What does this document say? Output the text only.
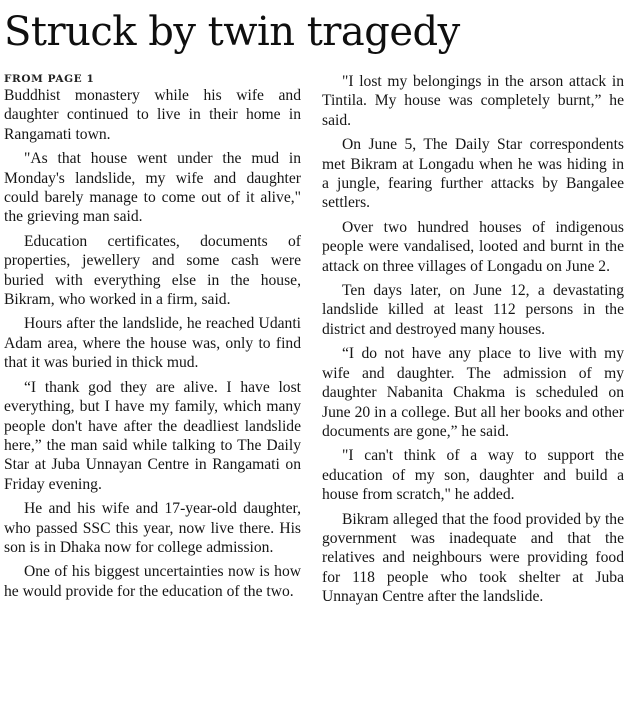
Struck by twin tragedy
FROM PAGE 1

Buddhist monastery while his wife and daughter continued to live in their home in Rangamati town.

"As that house went under the mud in Monday's landslide, my wife and daughter could barely manage to come out of it alive," the grieving man said.

Education certificates, documents of properties, jewellery and some cash were buried with everything else in the house, Bikram, who worked in a firm, said.

Hours after the landslide, he reached Udanti Adam area, where the house was, only to find that it was buried in thick mud.

“I thank god they are alive. I have lost everything, but I have my family, which many people don't have after the deadliest landslide here,” the man said while talking to The Daily Star at Juba Unnayan Centre in Rangamati on Friday evening.

He and his wife and 17-year-old daughter, who passed SSC this year, now live there. His son is in Dhaka now for college admission.

One of his biggest uncertainties now is how he would provide for the education of the two.

"I lost my belongings in the arson attack in Tintila. My house was completely burnt,” he said.

On June 5, The Daily Star correspondents met Bikram at Longadu when he was hiding in a jungle, fearing further attacks by Bangalee settlers.

Over two hundred houses of indigenous people were vandalised, looted and burnt in the attack on three villages of Longadu on June 2.

Ten days later, on June 12, a devastating landslide killed at least 112 persons in the district and destroyed many houses.

“I do not have any place to live with my wife and daughter. The admission of my daughter Nabanita Chakma is scheduled on June 20 in a college. But all her books and other documents are gone,” he said.

"I can't think of a way to support the education of my son, daughter and build a house from scratch," he added.

Bikram alleged that the food provided by the government was inadequate and that the relatives and neighbours were providing food for 118 people who took shelter at Juba Unnayan Centre after the landslide.
